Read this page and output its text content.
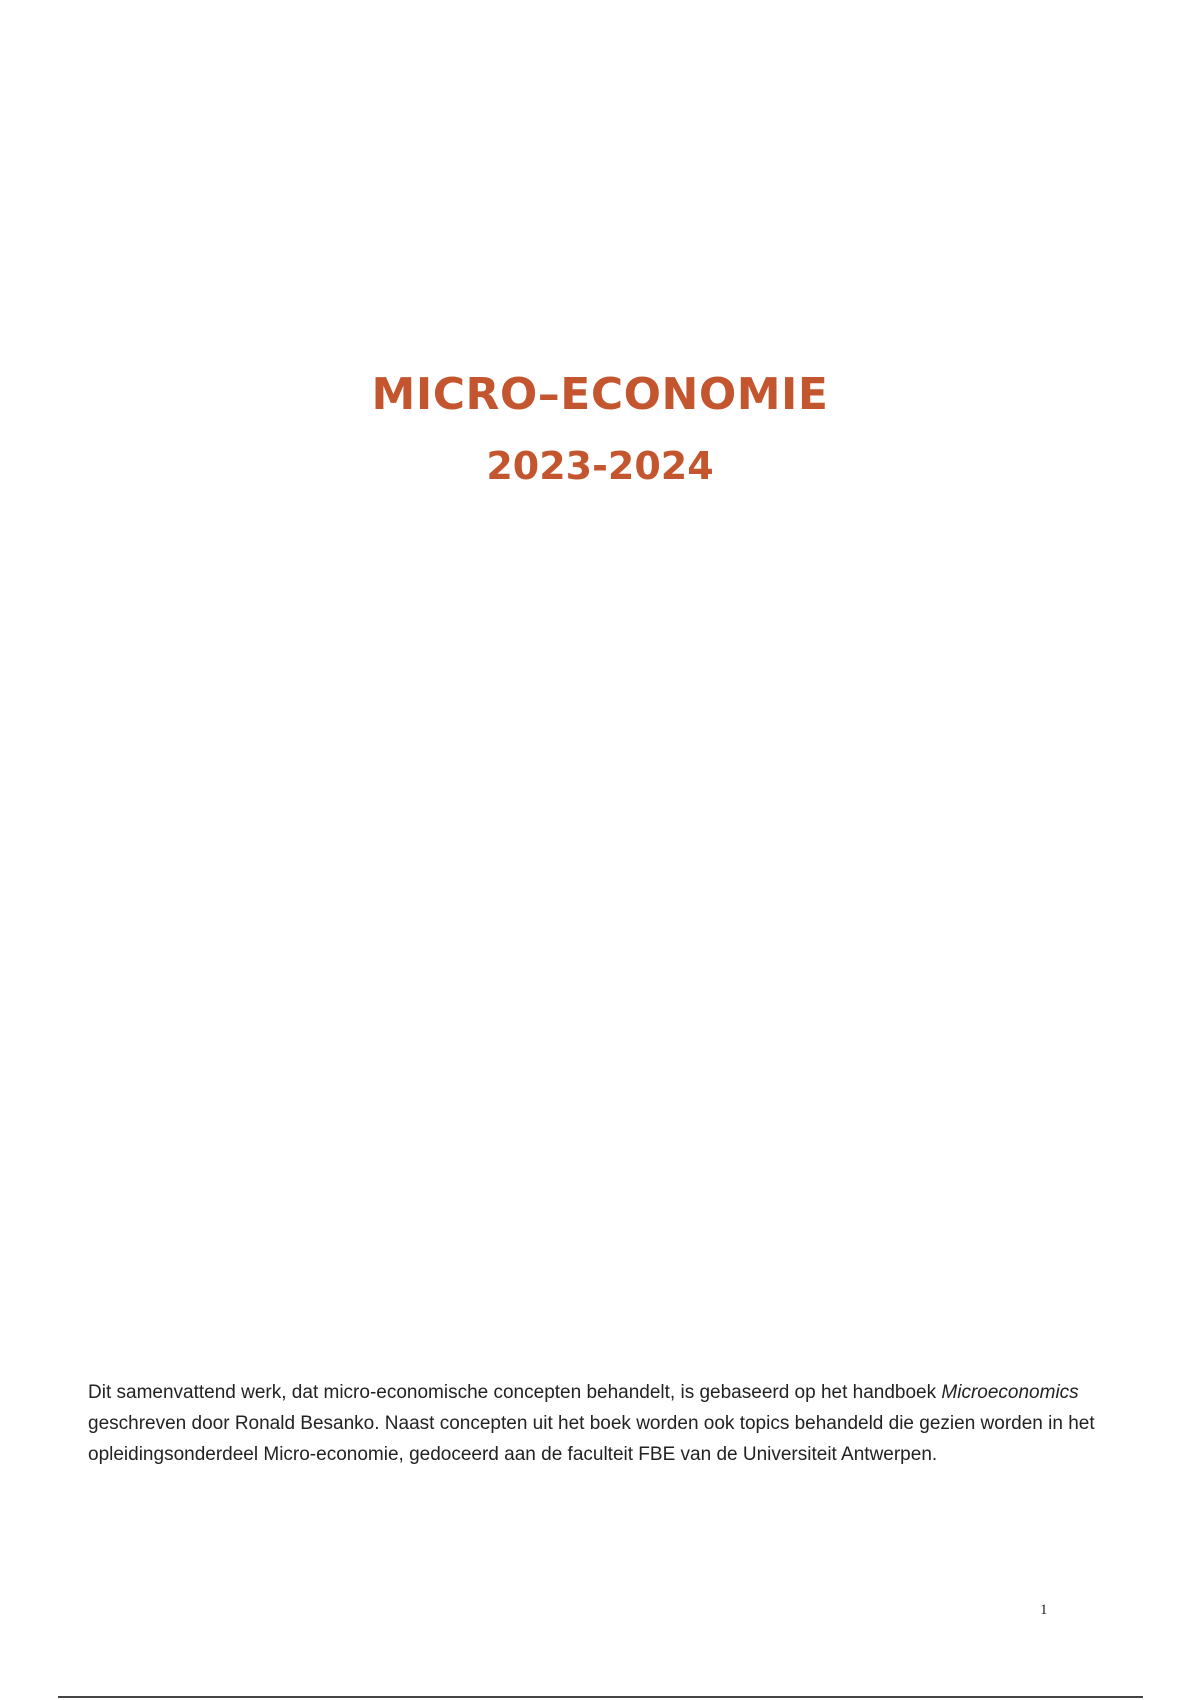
MICRO–ECONOMIE
2023-2024

Dit samenvattend werk, dat micro-economische concepten behandelt, is gebaseerd op het handboek Microeconomics geschreven door Ronald Besanko. Naast concepten uit het boek worden ook topics behandeld die gezien worden in het opleidingsonderdeel Micro-economie, gedoceerd aan de faculteit FBE van de Universiteit Antwerpen.

1
